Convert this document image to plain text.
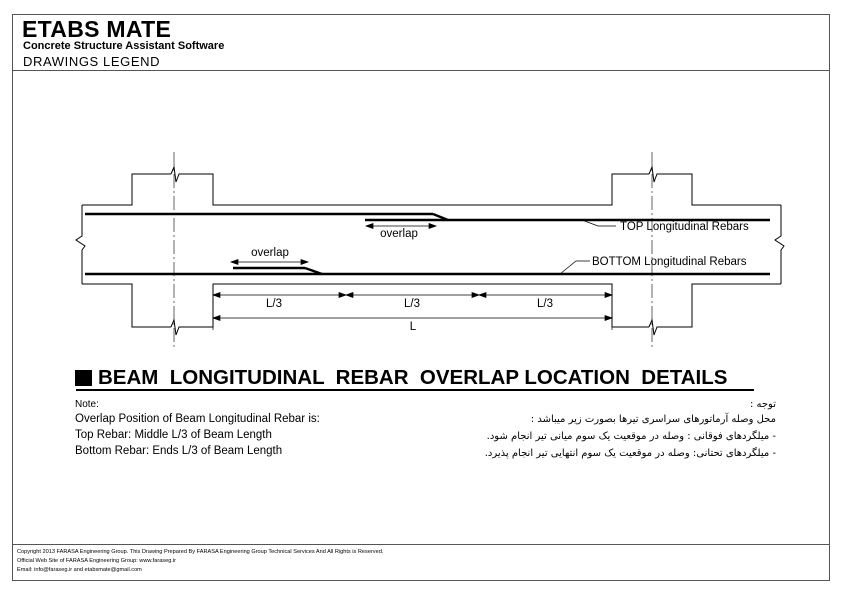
ETABS MATE
Concrete Structure Assistant Software
DRAWINGS LEGEND
overlap
overlap
TOP Longitudinal Rebars
BOTTOM Longitudinal Rebars
L/3	L/3	L/3
L
BEAM  LONGITUDINAL  REBAR  OVERLAP LOCATION  DETAILS
Note:
Overlap Position of Beam Longitudinal Rebar is:
Top Rebar: Middle L/3 of Beam Length
Bottom Rebar: Ends L/3 of Beam Length
توجه :
محل وصله آرماتورهای سراسری تیرها بصورت زیر میباشد :
- میلگردهای فوقانی : وصله در موقعیت یک سوم میانی تیر انجام شود.
- میلگردهای تحتانی: وصله در موقعیت یک سوم انتهایی تیر انجام پذیرد.
Copyright 2013 FARASA Engineering Group. This Drawing Prepared By FARASA Engineering Group Technical Services And All Rights is Reserved.
Official Web Site of FARASA Engineering Group: www.faraseg.ir
Email: info@faraseg.ir and etabsmate@gmail.com
